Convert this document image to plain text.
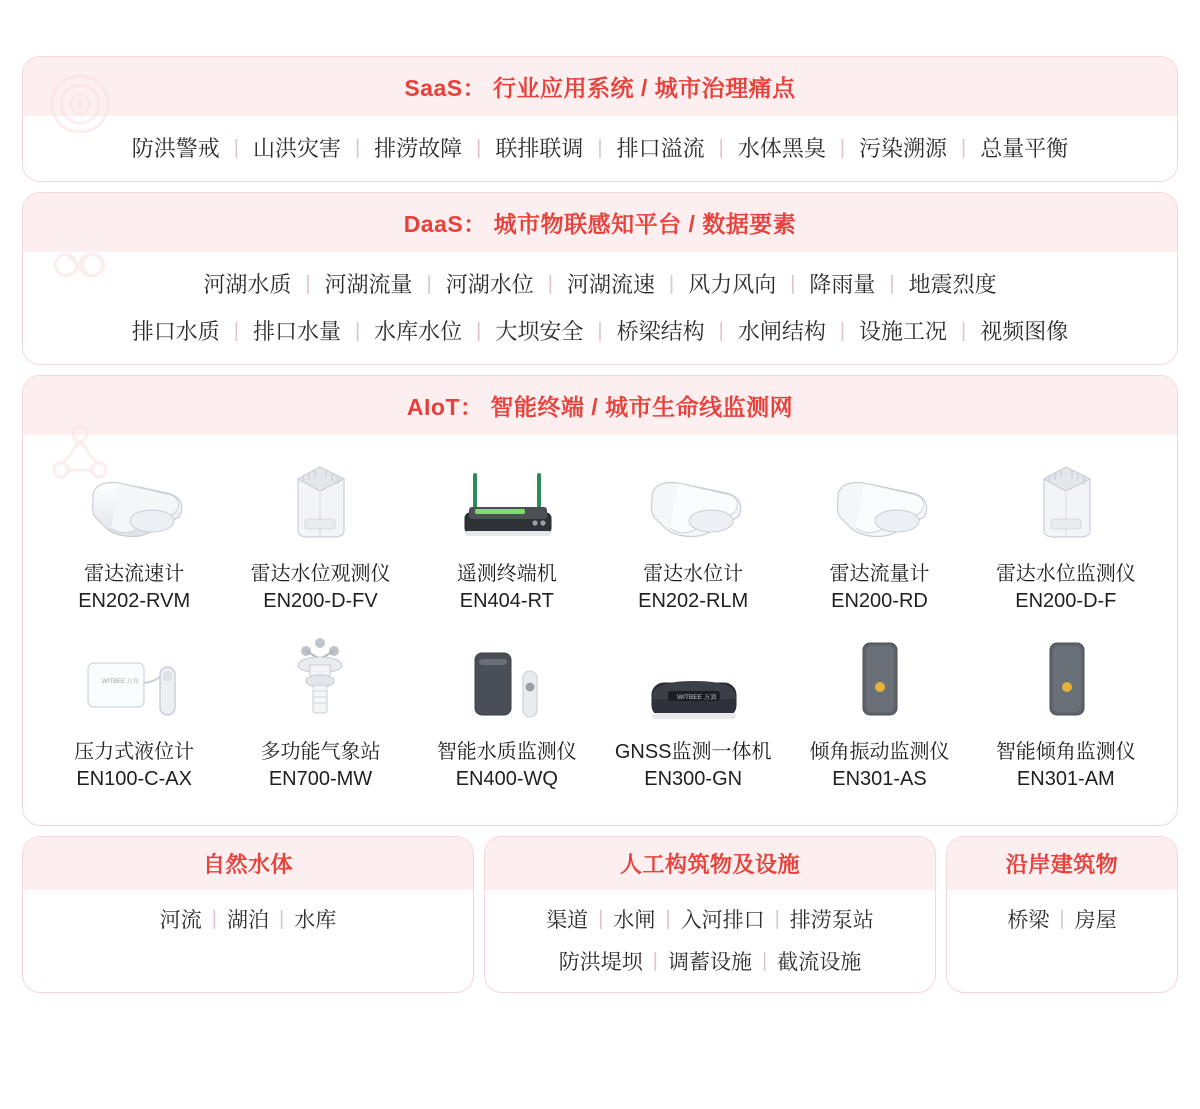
SaaS： 行业应用系统 / 城市治理痛点
防洪警戒 | 山洪灾害 | 排涝故障 | 联排联调 | 排口溢流 | 水体黑臭 | 污染溯源 | 总量平衡
DaaS： 城市物联感知平台 / 数据要素
河湖水质 | 河湖流量 | 河湖水位 | 河湖流速 | 风力风向 | 降雨量 | 地震烈度
排口水质 | 排口水量 | 水库水位 | 大坝安全 | 桥梁结构 | 水闸结构 | 设施工况 | 视频图像
AIoT： 智能终端 / 城市生命线监测网
雷达流速计
EN202-RVM
雷达水位观测仪
EN200-D-FV
遥测终端机
EN404-RT
雷达水位计
EN202-RLM
雷达流量计
EN200-RD
雷达水位监测仪
EN200-D-F
WITBEE 万宾
压力式液位计
EN100-C-AX
多功能气象站
EN700-MW
智能水质监测仪
EN400-WQ
WITBEE 万宾
GNSS监测一体机
EN300-GN
倾角振动监测仪
EN301-AS
智能倾角监测仪
EN301-AM
自然水体
河流 | 湖泊 | 水库
人工构筑物及设施
渠道 | 水闸 | 入河排口 | 排涝泵站
防洪堤坝 | 调蓄设施 | 截流设施
沿岸建筑物
桥梁 | 房屋
